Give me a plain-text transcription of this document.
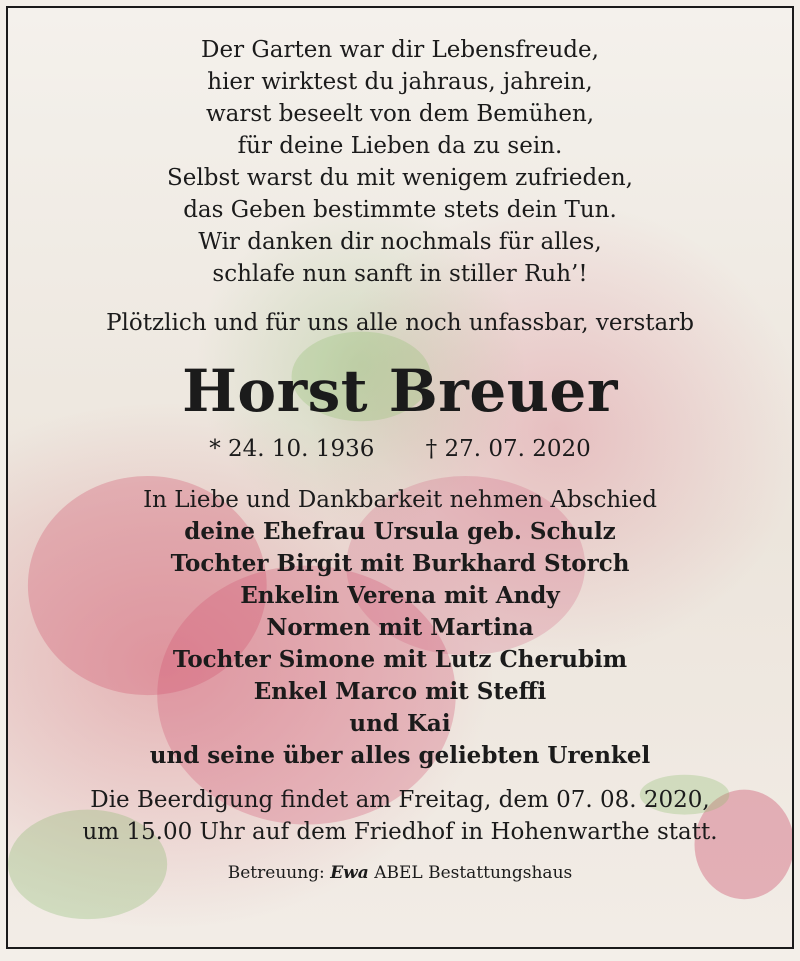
Der Garten war dir Lebensfreude,
hier wirktest du jahraus, jahrein,
warst beseelt von dem Bemühen,
für deine Lieben da zu sein.
Selbst warst du mit wenigem zufrieden,
das Geben bestimmte stets dein Tun.
Wir danken dir nochmals für alles,
schlafe nun sanft in stiller Ruh’!
Plötzlich und für uns alle noch unfassbar, verstarb
Horst Breuer
* 24. 10. 1936 † 27. 07. 2020
In Liebe und Dankbarkeit nehmen Abschied
deine Ehefrau Ursula geb. Schulz
Tochter Birgit mit Burkhard Storch
Enkelin Verena mit Andy
Normen mit Martina
Tochter Simone mit Lutz Cherubim
Enkel Marco mit Steffi
und Kai
und seine über alles geliebten Urenkel
Die Beerdigung findet am Freitag, dem 07. 08. 2020,
um 15.00 Uhr auf dem Friedhof in Hohenwarthe statt.
Betreuung: Ewa ABEL Bestattungshaus
